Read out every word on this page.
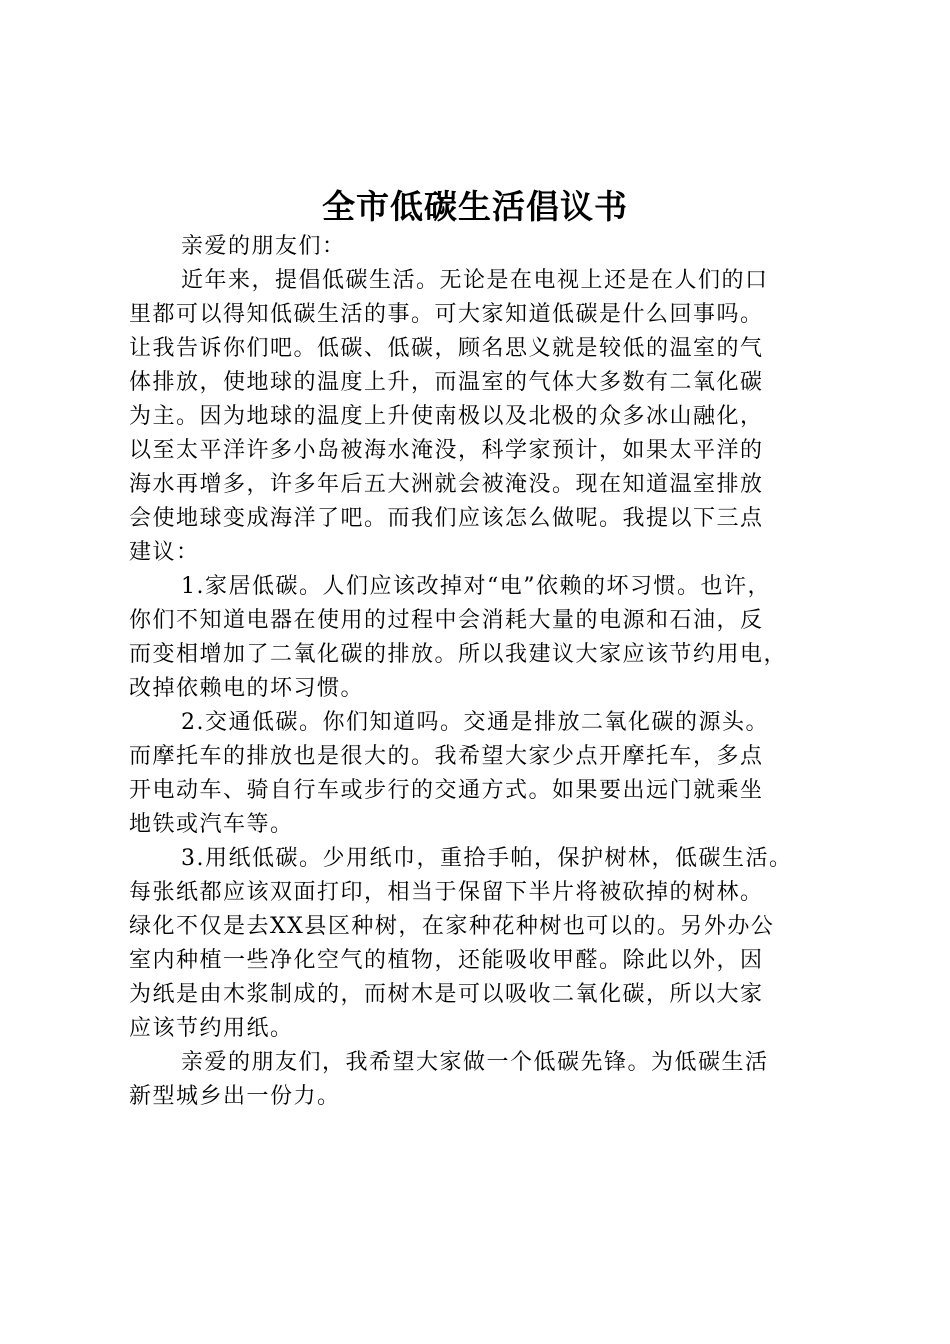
全市低碳生活倡议书
亲爱的朋友们：
近年来，提倡低碳生活。无论是在电视上还是在人们的口
里都可以得知低碳生活的事。可大家知道低碳是什么回事吗。
让我告诉你们吧。低碳、低碳，顾名思义就是较低的温室的气
体排放，使地球的温度上升，而温室的气体大多数有二氧化碳
为主。因为地球的温度上升使南极以及北极的众多冰山融化，
以至太平洋许多小岛被海水淹没，科学家预计，如果太平洋的
海水再增多，许多年后五大洲就会被淹没。现在知道温室排放
会使地球变成海洋了吧。而我们应该怎么做呢。我提以下三点
建议：
1.家居低碳。人们应该改掉对“电”依赖的坏习惯。也许，
你们不知道电器在使用的过程中会消耗大量的电源和石油，反
而变相增加了二氧化碳的排放。所以我建议大家应该节约用电，
改掉依赖电的坏习惯。
2.交通低碳。你们知道吗。交通是排放二氧化碳的源头。
而摩托车的排放也是很大的。我希望大家少点开摩托车，多点
开电动车、骑自行车或步行的交通方式。如果要出远门就乘坐
地铁或汽车等。
3.用纸低碳。少用纸巾，重拾手帕，保护树林，低碳生活。
每张纸都应该双面打印，相当于保留下半片将被砍掉的树林。
绿化不仅是去XX县区种树，在家种花种树也可以的。另外办公
室内种植一些净化空气的植物，还能吸收甲醛。除此以外，因
为纸是由木浆制成的，而树木是可以吸收二氧化碳，所以大家
应该节约用纸。
亲爱的朋友们，我希望大家做一个低碳先锋。为低碳生活
新型城乡出一份力。
